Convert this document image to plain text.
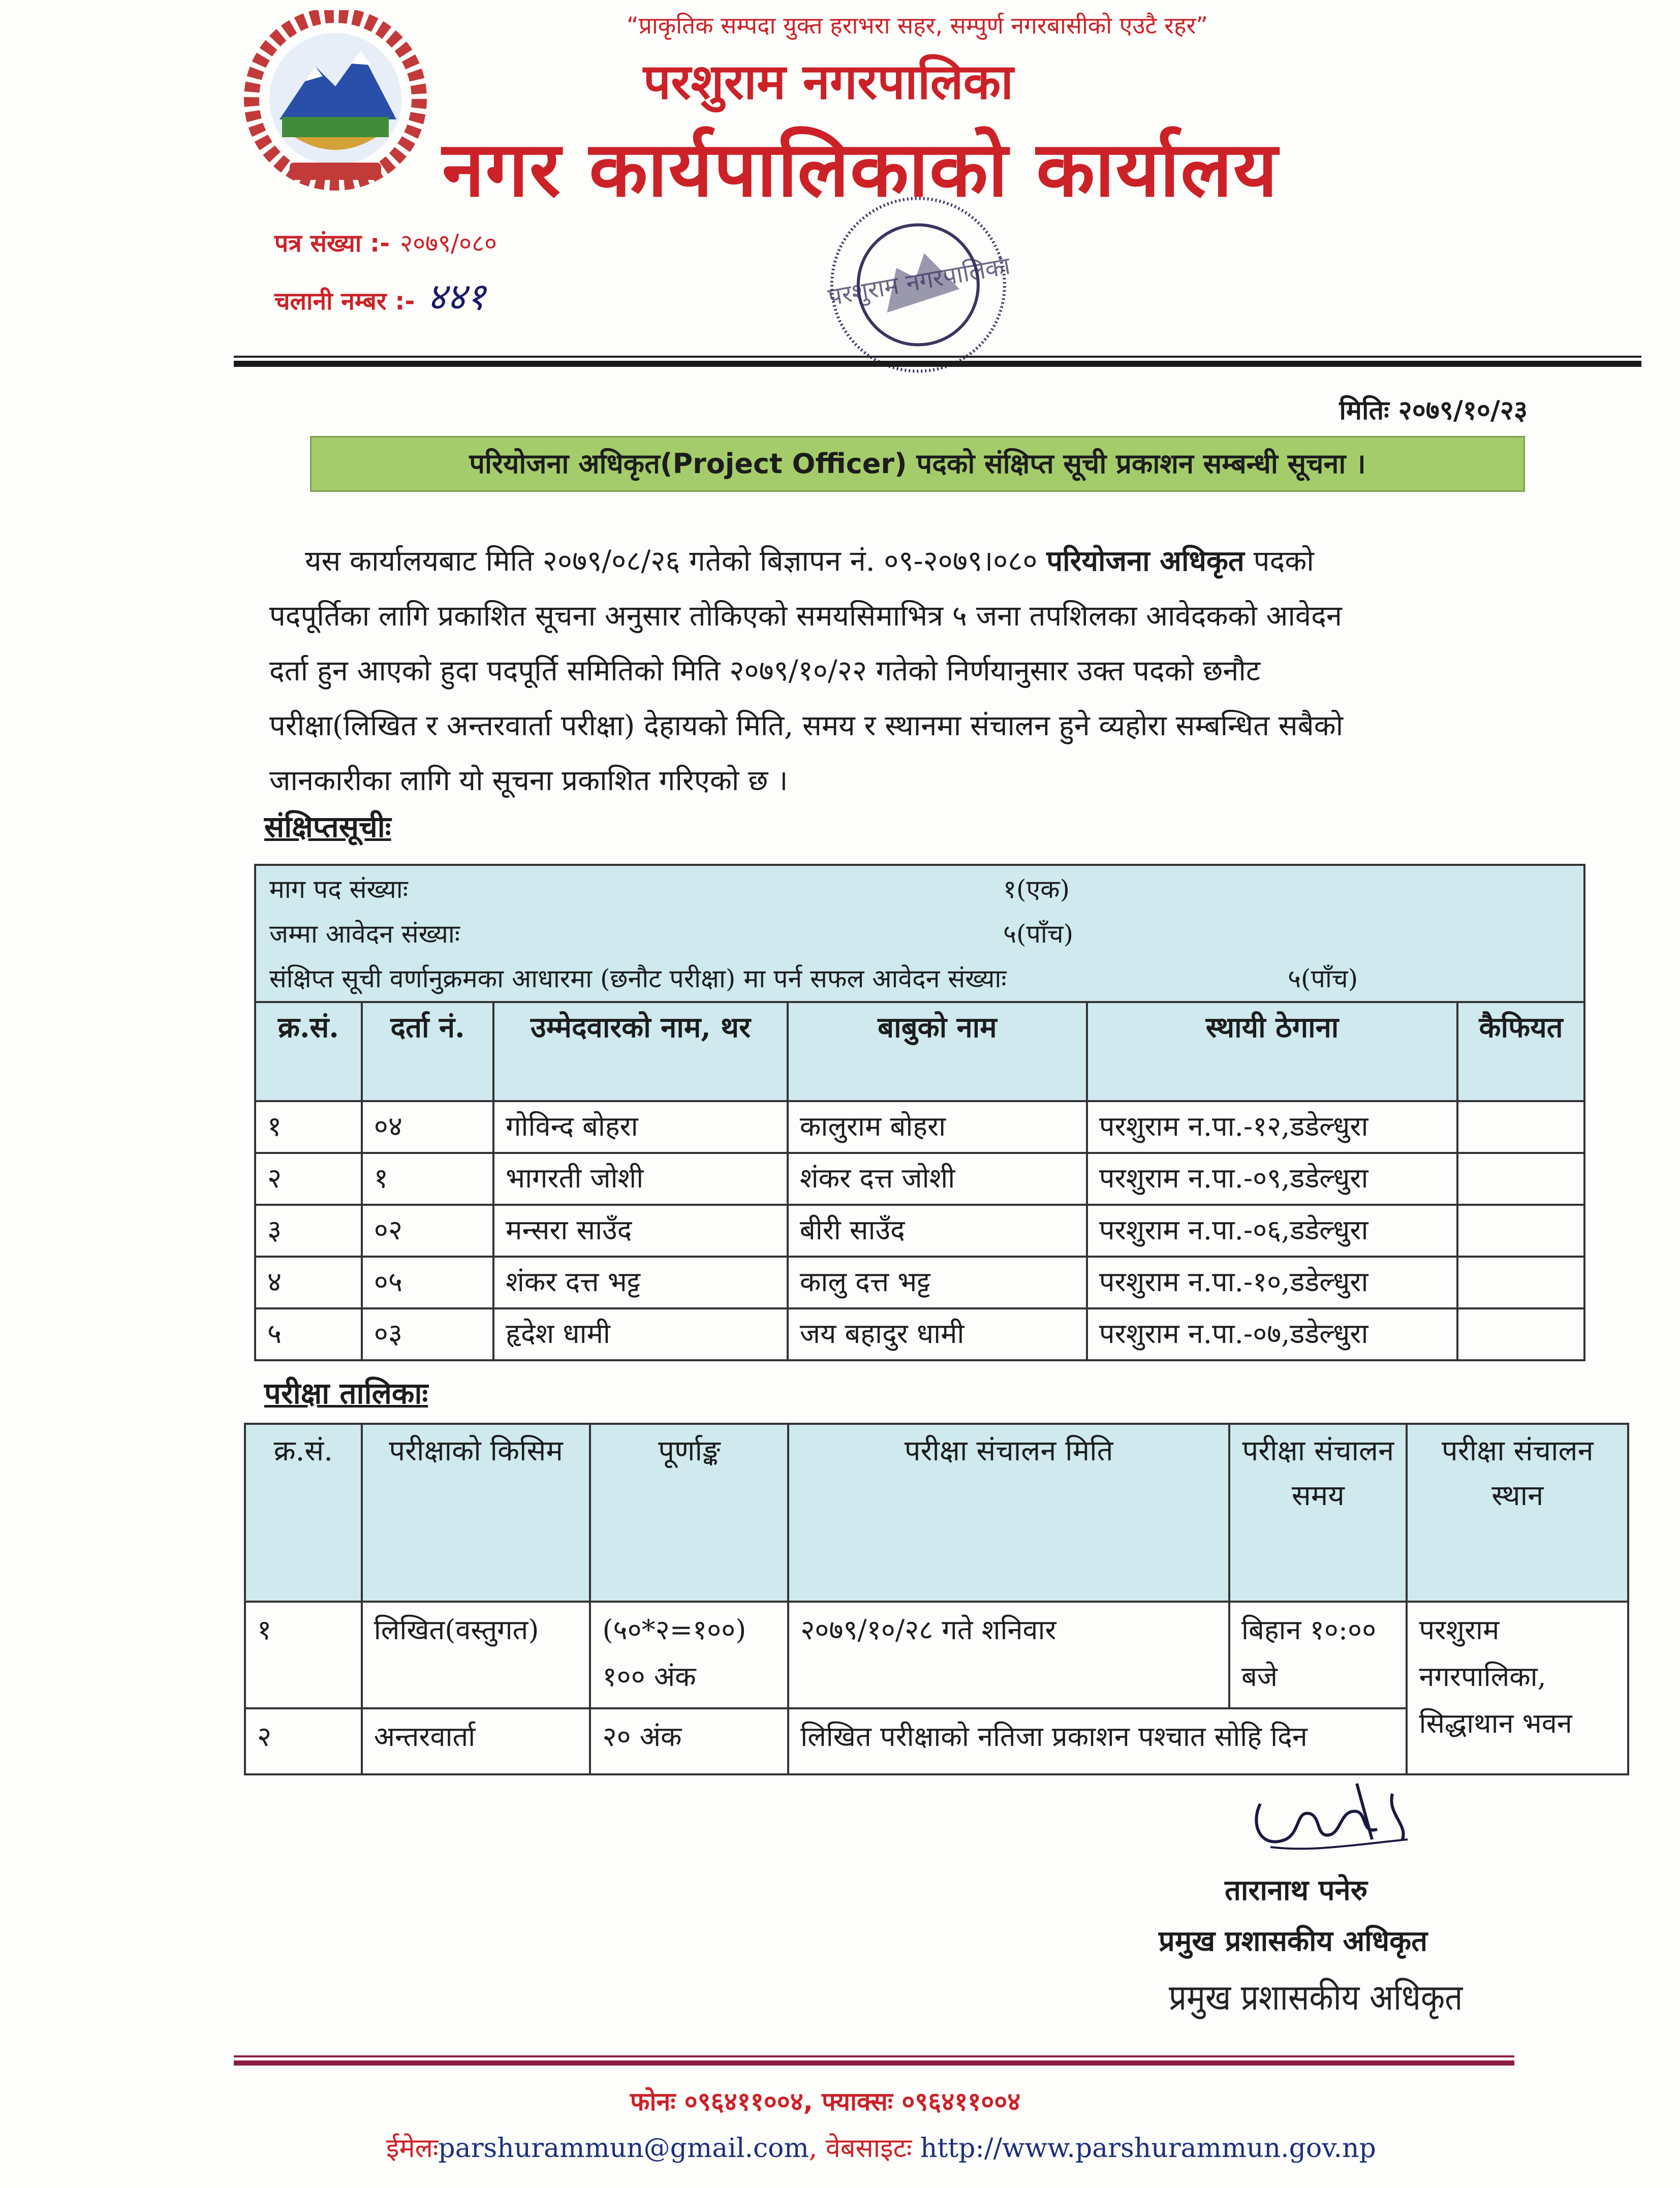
“प्राकृतिक सम्पदा युक्त हराभरा सहर, सम्पुर्ण नगरबासीको एउटै रहर”
परशुराम नगरपालिका
नगर कार्यपालिकाको कार्यालय
पत्र संख्या :- २०७९/०८०
चलानी नम्बर :- ४४१	परशुराम नगरपालिका
मितिः २०७९/१०/२३
परियोजना अधिकृत(Project Officer) पदको संक्षिप्त सूची प्रकाशन सम्बन्धी सूचना ।

यस कार्यालयबाट मिति २०७९/०८/२६ गतेको बिज्ञापन नं. ०९-२०७९।०८० परियोजना अधिकृत पदको

पदपूर्तिका लागि प्रकाशित सूचना अनुसार तोकिएको समयसिमाभित्र ५ जना तपशिलका आवेदकको आवेदन

दर्ता हुन आएको हुदा पदपूर्ति समितिको मिति २०७९/१०/२२ गतेको निर्णयानुसार उक्त पदको छनौट

परीक्षा(लिखित र अन्तरवार्ता परीक्षा) देहायको मिति, समय र स्थानमा संचालन हुने व्यहोरा सम्बन्धित सबैको

जानकारीका लागि यो सूचना प्रकाशित गरिएको छ ।

संक्षिप्तसूचीः
माग पद संख्याः	१(एक)
जम्मा आवेदन संख्याः	५(पाँच)
संक्षिप्त सूची वर्णानुक्रमका आधारमा (छनौट परीक्षा) मा पर्न सफल आवेदन संख्याः	५(पाँच)
क्र.सं.	दर्ता नं.	उम्मेदवारको नाम, थर	बाबुको नाम	स्थायी ठेगाना	कैफियत
१	०४	गोविन्द बोहरा	कालुराम बोहरा	परशुराम न.पा.-१२,डडेल्धुरा	
२	१	भागरती जोशी	शंकर दत्त जोशी	परशुराम न.पा.-०९,डडेल्धुरा	
३	०२	मन्सरा साउँद	बीरी साउँद	परशुराम न.पा.-०६,डडेल्धुरा	
४	०५	शंकर दत्त भट्ट	कालु दत्त भट्ट	परशुराम न.पा.-१०,डडेल्धुरा	
५	०३	हृदेश धामी	जय बहादुर धामी	परशुराम न.पा.-०७,डडेल्धुरा	
परीक्षा तालिकाः
क्र.सं.	परीक्षाको किसिम	पूर्णाङ्क	परीक्षा संचालन मिति	परीक्षा संचालन समय	परीक्षा संचालन स्थान
१	लिखित(वस्तुगत)	(५०*२=१००) १०० अंक	२०७९/१०/२८ गते शनिवार	बिहान १०:०० बजे	परशुराम नगरपालिका, सिद्धाथान भवन
२	अन्तरवार्ता	२० अंक	लिखित परीक्षाको नतिजा प्रकाशन पश्चात सोहि दिन		
तारानाथ पनेरु
प्रमुख प्रशासकीय अधिकृत
प्रमुख प्रशासकीय अधिकृत
फोनः ०९६४११००४, फ्याक्सः ०९६४११००४
ईमेलःparshurammun@gmail.com, वेबसाइटः http://www.parshurammun.gov.np
